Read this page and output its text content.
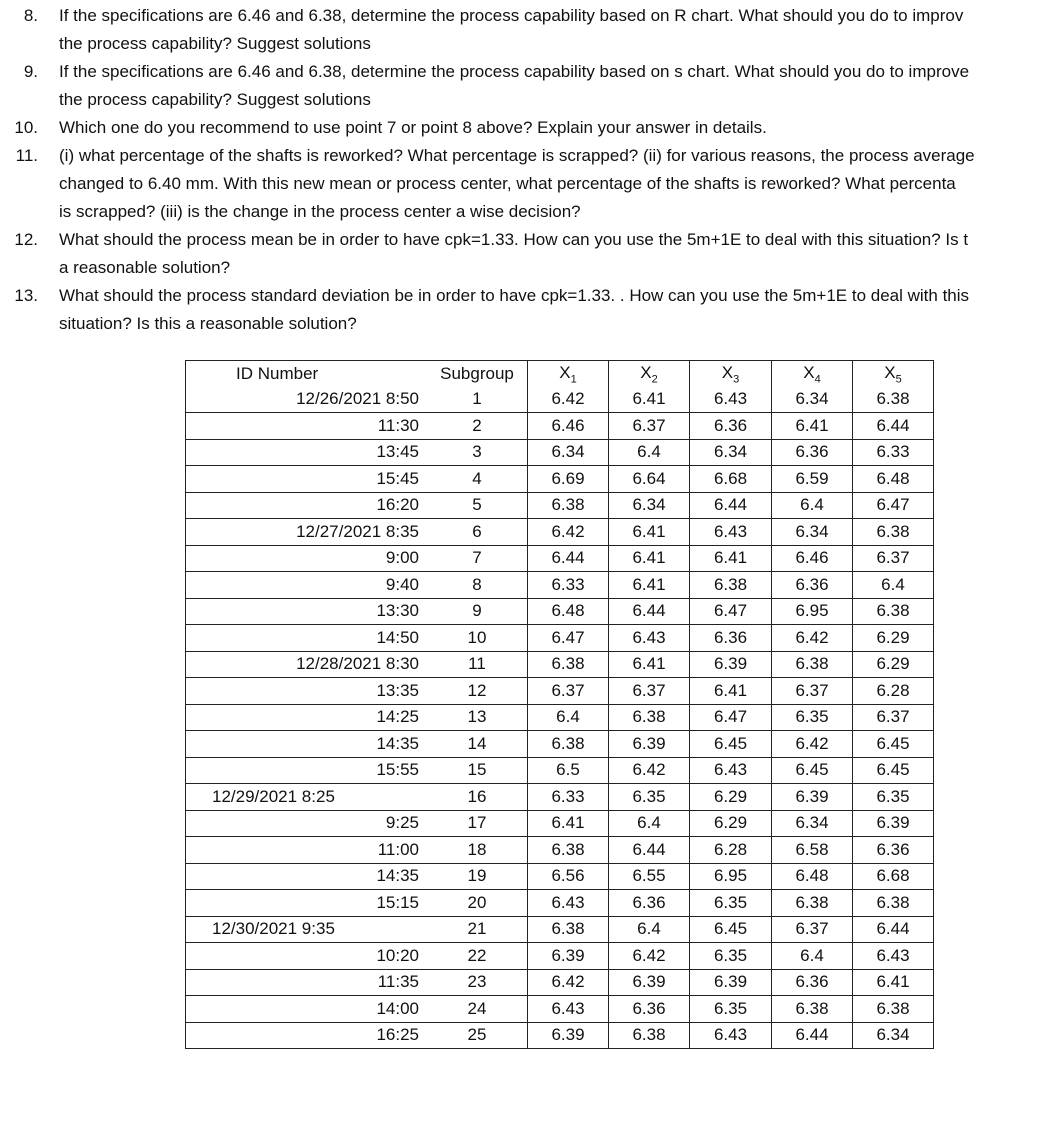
8. If the specifications are 6.46 and 6.38, determine the process capability based on R chart. What should you do to improv
the process capability? Suggest solutions
9. If the specifications are 6.46 and 6.38, determine the process capability based on s chart. What should you do to improve
the process capability? Suggest solutions
10. Which one do you recommend to use point 7 or point 8 above? Explain your answer in details.
11. (i) what percentage of the shafts is reworked? What percentage is scrapped? (ii) for various reasons, the process average
changed to 6.40 mm. With this new mean or process center, what percentage of the shafts is reworked? What percenta
is scrapped? (iii) is the change in the process center a wise decision?
12. What should the process mean be in order to have cpk=1.33. How can you use the 5m+1E to deal with this situation? Is t
a reasonable solution?
13. What should the process standard deviation be in order to have cpk=1.33. . How can you use the 5m+1E to deal with this
situation? Is this a reasonable solution?
ID Number	Subgroup	$X_1$	$X_2$	$X_3$	$X_4$	$X_5$
12/26/2021 8:50	1	6.42	6.41	6.43	6.34	6.38
11:30	2	6.46	6.37	6.36	6.41	6.44
13:45	3	6.34	6.4	6.34	6.36	6.33
15:45	4	6.69	6.64	6.68	6.59	6.48
16:20	5	6.38	6.34	6.44	6.4	6.47
12/27/2021 8:35	6	6.42	6.41	6.43	6.34	6.38
9:00	7	6.44	6.41	6.41	6.46	6.37
9:40	8	6.33	6.41	6.38	6.36	6.4
13:30	9	6.48	6.44	6.47	6.95	6.38
14:50	10	6.47	6.43	6.36	6.42	6.29
12/28/2021 8:30	11	6.38	6.41	6.39	6.38	6.29
13:35	12	6.37	6.37	6.41	6.37	6.28
14:25	13	6.4	6.38	6.47	6.35	6.37
14:35	14	6.38	6.39	6.45	6.42	6.45
15:55	15	6.5	6.42	6.43	6.45	6.45
12/29/2021 8:25	16	6.33	6.35	6.29	6.39	6.35
9:25	17	6.41	6.4	6.29	6.34	6.39
11:00	18	6.38	6.44	6.28	6.58	6.36
14:35	19	6.56	6.55	6.95	6.48	6.68
15:15	20	6.43	6.36	6.35	6.38	6.38
12/30/2021 9:35	21	6.38	6.4	6.45	6.37	6.44
10:20	22	6.39	6.42	6.35	6.4	6.43
11:35	23	6.42	6.39	6.39	6.36	6.41
14:00	24	6.43	6.36	6.35	6.38	6.38
16:25	25	6.39	6.38	6.43	6.44	6.34
